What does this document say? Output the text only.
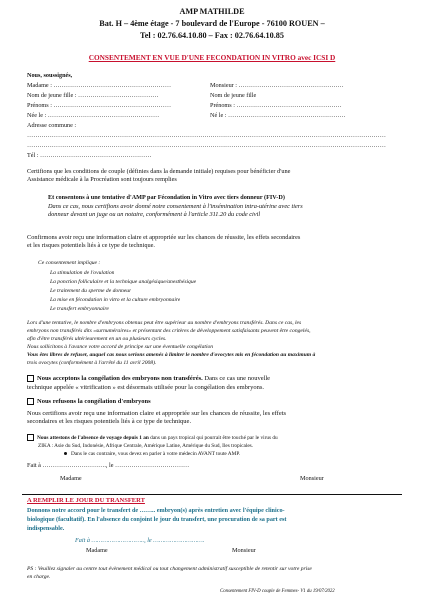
AMP MATHILDE
Bat. H – 4ème étage - 7 boulevard de l'Europe - 76100 ROUEN –
Tel : 02.76.64.10.80 – Fax : 02.76.64.10.85
CONSENTEMENT EN VUE D'UNE FECONDATION IN VITRO avec ICSI D
Nous, soussignés,
Madame : …………………………………………………	Monsieur : ……………………………………………
Nom de jeune fille : …………………………………	Nom de jeune fille
Prénoms : …………………………………………………	Prénoms : ……………………………………………
Née le : ………………………………………………	Né le : …………………………………………………
Adresse commune :
…………………………………………………………………………………………………………………………………………………………
…………………………………………………………………………………………………………………………………………………………
Tél : ………………………………………………
Certifions que les conditions de couple (définies dans la demande initiale) requises pour bénéficier d'une
Assistance médicale à la Procréation sont toujours remplies
Et consentons à une tentative d'AMP par Fécondation in Vitro avec tiers donneur (FIV-D)
Dans ce cas, nous certifions avoir donné notre consentement à l'insémination intra-utérine avec tiers
donneur devant un juge ou un notaire, conformément à l'article 311.20 du code civil
Confirmons avoir reçu une information claire et appropriée sur les chances de réussite, les effets secondaires
et les risques potentiels liés à ce type de technique.
Ce consentement implique :
La stimulation de l'ovulation
La ponction folliculaire et la technique analgésique/anesthésique
Le traitement du sperme de donneur
La mise en fécondation in vitro et la culture embryonnaire
Le transfert embryonnaire
Lors d'une tentative, le nombre d'embryons obtenus peut être supérieur au nombre d'embryons transférés. Dans ce cas, les
embryons non transférés dits «surnuméraires» et présentant des critères de développement satisfaisants peuvent être congelés,
afin d'être transférés ultérieurement en un ou plusieurs cycles.
Nous sollicitons à l'avance votre accord de principe sur une éventuelle congélation
Vous êtes libres de refuser, auquel cas nous serions amenés à limiter le nombre d'ovocytes mis en fécondation au maximum à
trois ovocytes (conformément à l'arrêté du 11 avril 2008).
Nous acceptons la congélation des embryons non transférés. Dans ce cas une nouvelle
technique appelée « vitrification » est désormais utilisée pour la congélation des embryons.
Nous refusons la congélation d'embryons
Nous certifions avoir reçu une information claire et appropriée sur les chances de réussite, les effets
secondaires et les risques potentiels liés à ce type de technique.
Nous attestons de l'absence de voyage depuis 1 an dans un pays tropical qui pourrait être touché par le virus du
ZIKA : Asie du Sud, Indonésie, Afrique Centrale, Amérique Latine, Amérique du Sud, Iles tropicales.
Dans le cas contraire, vous devez en parler à votre médecin AVANT toute AMP.
Fait à …………………………., le ………………………………
Madame	Monsieur
A REMPLIR LE JOUR DU TRANSFERT
Donnons notre accord pour le transfert de …….. embryon(s) après entretien avec l'équipe clinico-
biologique (facultatif). En l'absence du conjoint le jour du transfert, une procuration de sa part est
indispensable.
Fait à ……………………….., le ……………………….
Madame	Monsieur
PS : Veuillez signaler au centre tout évènement médical ou tout changement administratif susceptible de retentir sur votre prise
en charge.
Consentement FIV-D couple de Femmes- V1 du 19/07/2022
